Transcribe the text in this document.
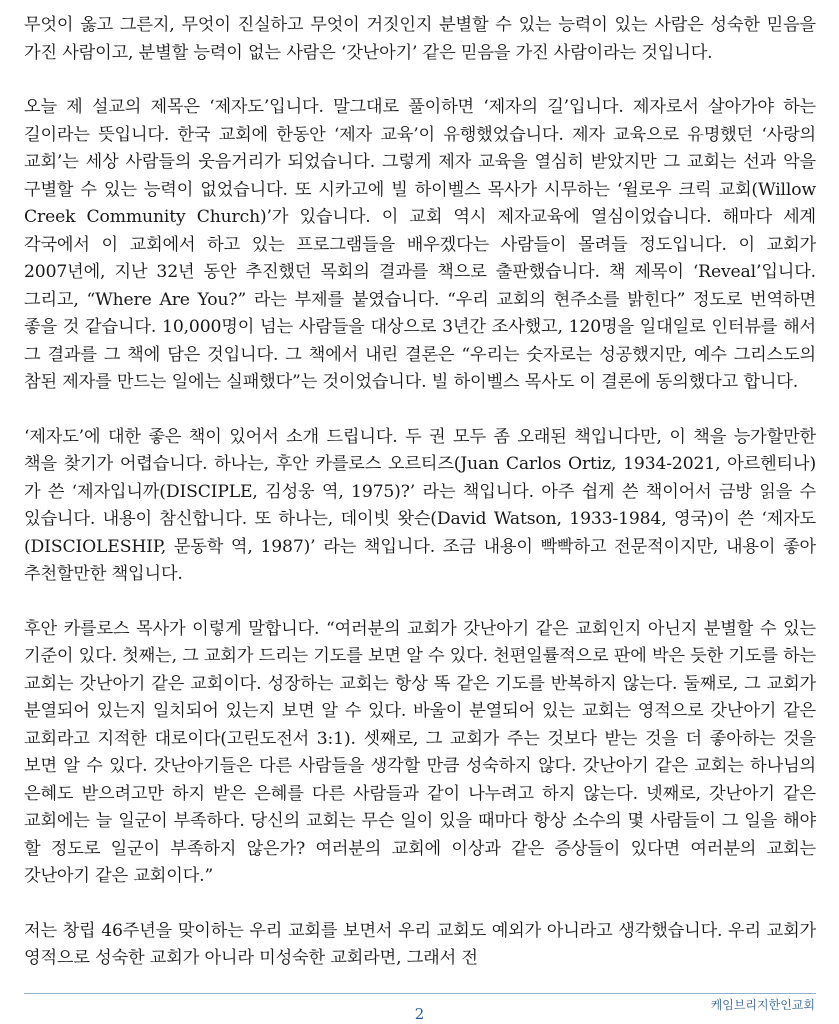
무엇이 옳고 그른지, 무엇이 진실하고 무엇이 거짓인지 분별할 수 있는 능력이 있는 사람은 성숙한 믿음을 가진 사람이고, 분별할 능력이 없는 사람은 ‘갓난아기’ 같은 믿음을 가진 사람이라는 것입니다.

오늘 제 설교의 제목은 ‘제자도’입니다. 말그대로 풀이하면 ‘제자의 길’입니다. 제자로서 살아가야 하는 길이라는 뜻입니다. 한국 교회에 한동안 ‘제자 교육’이 유행했었습니다. 제자 교육으로 유명했던 ‘사랑의 교회’는 세상 사람들의 웃음거리가 되었습니다. 그렇게 제자 교육을 열심히 받았지만 그 교회는 선과 악을 구별할 수 있는 능력이 없었습니다. 또 시카고에 빌 하이벨스 목사가 시무하는 ‘윌로우 크릭 교회(Willow Creek Community Church)’가 있습니다. 이 교회 역시 제자교육에 열심이었습니다. 해마다 세계 각국에서 이 교회에서 하고 있는 프로그램들을 배우겠다는 사람들이 몰려들 정도입니다. 이 교회가 2007년에, 지난 32년 동안 추진했던 목회의 결과를 책으로 출판했습니다. 책 제목이 ‘Reveal’입니다. 그리고, “Where Are You?” 라는 부제를 붙였습니다. “우리 교회의 현주소를 밝힌다” 정도로 번역하면 좋을 것 같습니다. 10,000명이 넘는 사람들을 대상으로 3년간 조사했고, 120명을 일대일로 인터뷰를 해서 그 결과를 그 책에 담은 것입니다. 그 책에서 내린 결론은 “우리는 숫자로는 성공했지만, 예수 그리스도의 참된 제자를 만드는 일에는 실패했다”는 것이었습니다. 빌 하이벨스 목사도 이 결론에 동의했다고 합니다.

‘제자도’에 대한 좋은 책이 있어서 소개 드립니다. 두 권 모두 좀 오래된 책입니다만, 이 책을 능가할만한 책을 찾기가 어렵습니다. 하나는, 후안 카를로스 오르티즈(Juan Carlos Ortiz, 1934-2021, 아르헨티나)가 쓴 ‘제자입니까(DISCIPLE, 김성웅 역, 1975)?’ 라는 책입니다. 아주 쉽게 쓴 책이어서 금방 읽을 수 있습니다. 내용이 참신합니다. 또 하나는, 데이빗 왓슨(David Watson, 1933-1984, 영국)이 쓴 ‘제자도(DISCIOLESHIP, 문동학 역, 1987)’ 라는 책입니다. 조금 내용이 빡빡하고 전문적이지만, 내용이 좋아 추천할만한 책입니다.

후안 카를로스 목사가 이렇게 말합니다. “여러분의 교회가 갓난아기 같은 교회인지 아닌지 분별할 수 있는 기준이 있다. 첫째는, 그 교회가 드리는 기도를 보면 알 수 있다. 천편일률적으로 판에 박은 듯한 기도를 하는 교회는 갓난아기 같은 교회이다. 성장하는 교회는 항상 똑 같은 기도를 반복하지 않는다. 둘째로, 그 교회가 분열되어 있는지 일치되어 있는지 보면 알 수 있다. 바울이 분열되어 있는 교회는 영적으로 갓난아기 같은 교회라고 지적한 대로이다(고린도전서 3:1). 셋째로, 그 교회가 주는 것보다 받는 것을 더 좋아하는 것을 보면 알 수 있다. 갓난아기들은 다른 사람들을 생각할 만큼 성숙하지 않다. 갓난아기 같은 교회는 하나님의 은혜도 받으려고만 하지 받은 은혜를 다른 사람들과 같이 나누려고 하지 않는다. 넷째로, 갓난아기 같은 교회에는 늘 일군이 부족하다. 당신의 교회는 무슨 일이 있을 때마다 항상 소수의 몇 사람들이 그 일을 해야 할 정도로 일군이 부족하지 않은가? 여러분의 교회에 이상과 같은 증상들이 있다면 여러분의 교회는 갓난아기 같은 교회이다.”

저는 창립 46주년을 맞이하는 우리 교회를 보면서 우리 교회도 예외가 아니라고 생각했습니다. 우리 교회가 영적으로 성숙한 교회가 아니라 미성숙한 교회라면, 그래서 전

케임브리지한인교회
2
